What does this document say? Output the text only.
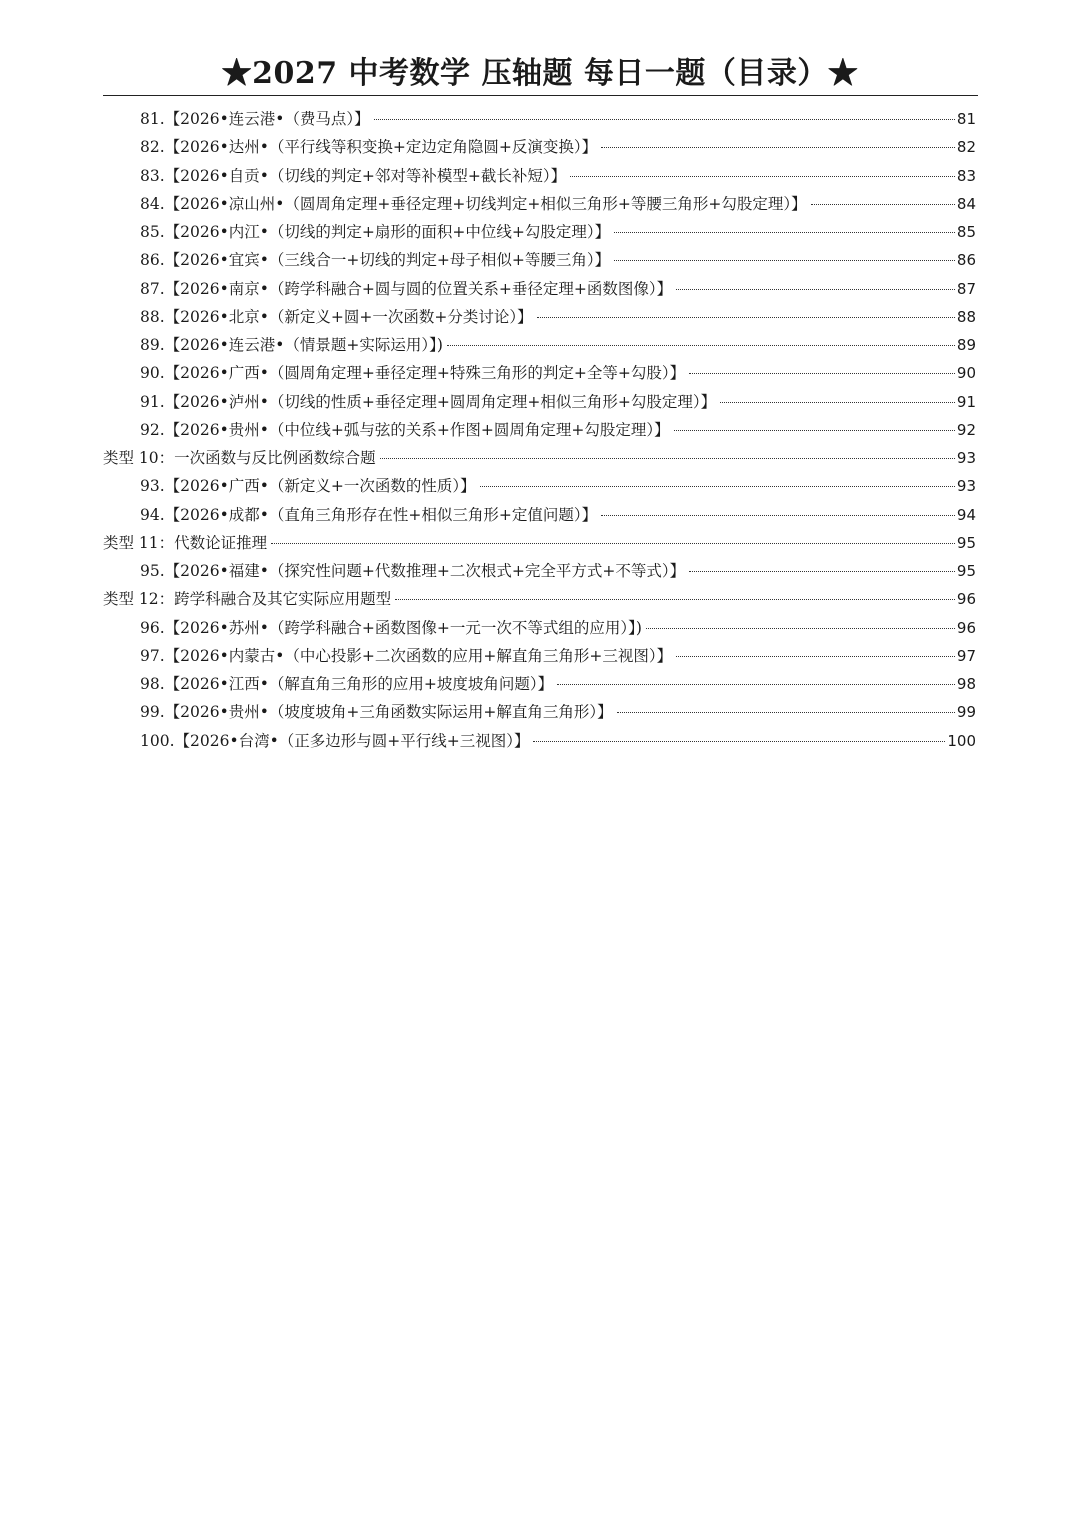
★2027 中考数学 压轴题 每日一题（目录）★
81. 【2026•连云港•（费马点）】	81
82. 【2026•达州•（平行线等积变换+定边定角隐圆+反演变换）】	82
83. 【2026•自贡•（切线的判定+邻对等补模型+截长补短）】	83
84. 【2026•凉山州•（圆周角定理+垂径定理+切线判定+相似三角形+等腰三角形+勾股定理）】	84
85. 【2026•内江•（切线的判定+扇形的面积+中位线+勾股定理）】	85
86. 【2026•宜宾•（三线合一+切线的判定+母子相似+等腰三角）】	86
87. 【2026•南京•（跨学科融合+圆与圆的位置关系+垂径定理+函数图像）】	87
88. 【2026•北京•（新定义+圆+一次函数+分类讨论）】	88
89. 【2026•连云港•（情景题+实际运用）】)	89
90. 【2026•广西•（圆周角定理+垂径定理+特殊三角形的判定+全等+勾股）】	90
91. 【2026•泸州•（切线的性质+垂径定理+圆周角定理+相似三角形+勾股定理）】	91
92. 【2026•贵州•（中位线+弧与弦的关系+作图+圆周角定理+勾股定理）】	92
类型 10：一次函数与反比例函数综合题	93
93. 【2026•广西•（新定义+一次函数的性质）】	93
94. 【2026•成都•（直角三角形存在性+相似三角形+定值问题）】	94
类型 11：代数论证推理	95
95. 【2026•福建•（探究性问题+代数推理+二次根式+完全平方式+不等式）】	95
类型 12：跨学科融合及其它实际应用题型	96
96. 【2026•苏州•（跨学科融合+函数图像+一元一次不等式组的应用）】)	96
97. 【2026•内蒙古•（中心投影+二次函数的应用+解直角三角形+三视图）】	97
98. 【2026•江西•（解直角三角形的应用+坡度坡角问题）】	98
99. 【2026•贵州•（坡度坡角+三角函数实际运用+解直角三角形）】	99
100. 【2026•台湾•（正多边形与圆+平行线+三视图）】	100
